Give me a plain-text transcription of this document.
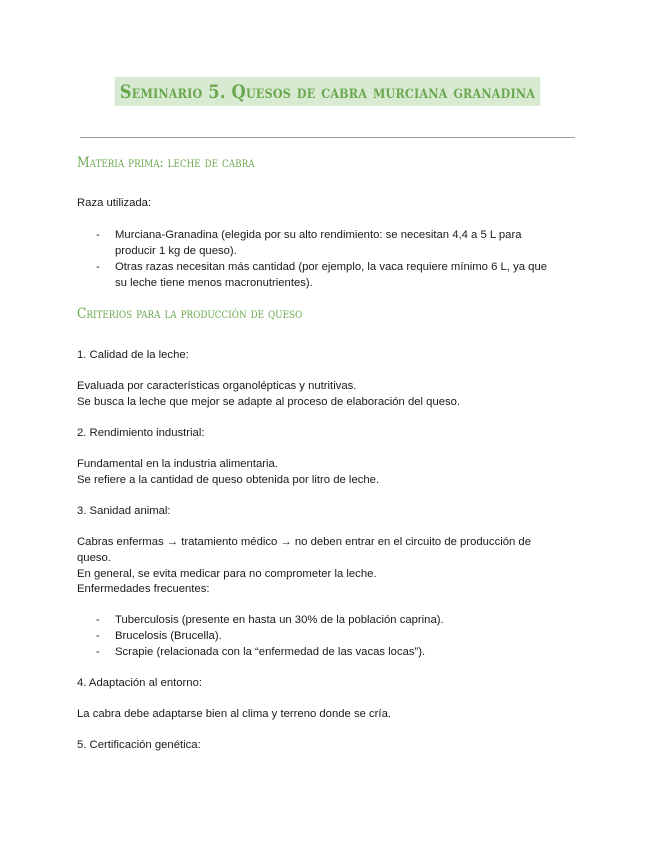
Seminario 5. Quesos de cabra murciana granadina
Materia prima: leche de cabra
Raza utilizada:
- Murciana-Granadina (elegida por su alto rendimiento: se necesitan 4,4 a 5 L para
producir 1 kg de queso).
- Otras razas necesitan más cantidad (por ejemplo, la vaca requiere mínimo 6 L, ya que
su leche tiene menos macronutrientes).
Criterios para la producción de queso
1. Calidad de la leche:
Evaluada por características organolépticas y nutritivas.
Se busca la leche que mejor se adapte al proceso de elaboración del queso.
2. Rendimiento industrial:
Fundamental en la industria alimentaria.
Se refiere a la cantidad de queso obtenida por litro de leche.
3. Sanidad animal:
Cabras enfermas → tratamiento médico → no deben entrar en el circuito de producción de
queso.
En general, se evita medicar para no comprometer la leche.
Enfermedades frecuentes:
- Tuberculosis (presente en hasta un 30% de la población caprina).
- Brucelosis (Brucella).
- Scrapie (relacionada con la “enfermedad de las vacas locas”).
4. Adaptación al entorno:
La cabra debe adaptarse bien al clima y terreno donde se cría.
5. Certificación genética:
